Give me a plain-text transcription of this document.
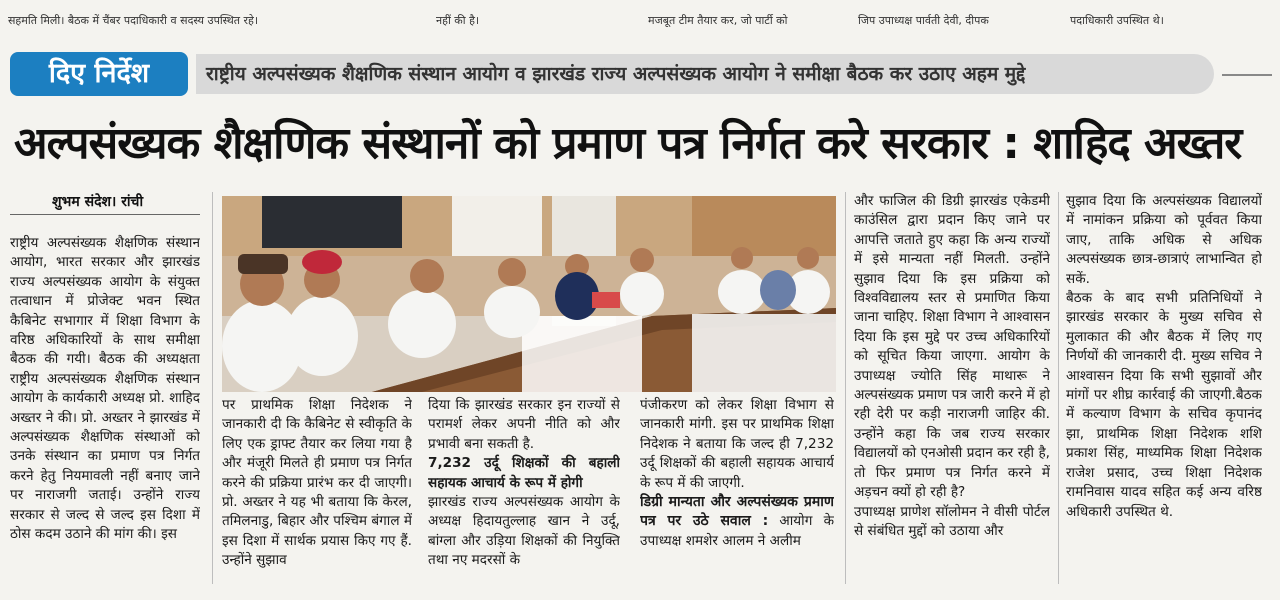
सहमति मिली। बैठक में चैंबर पदाधिकारी व सदस्य उपस्थित रहे।	नहीं की है।	मजबूत टीम तैयार कर, जो पार्टी को	जिप उपाध्यक्ष पार्वती देवी, दीपक	पदाधिकारी उपस्थित थे।
दिए निर्देश	राष्ट्रीय अल्पसंख्यक शैक्षणिक संस्थान आयोग व झारखंड राज्य अल्पसंख्यक आयोग ने समीक्षा बैठक कर उठाए अहम मुद्दे
अल्पसंख्यक शैक्षणिक संस्थानों को प्रमाण पत्र निर्गत करे सरकार : शाहिद अख्तर
शुभम संदेश। रांची

राष्ट्रीय अल्पसंख्यक शैक्षणिक संस्थान आयोग, भारत सरकार और झारखंड राज्य अल्पसंख्यक आयोग के संयुक्त तत्वाधान में प्रोजेक्ट भवन स्थित कैबिनेट सभागार में शिक्षा विभाग के वरिष्ठ अधिकारियों के साथ समीक्षा बैठक की गयी। बैठक की अध्यक्षता राष्ट्रीय अल्पसंख्यक शैक्षणिक संस्थान आयोग के कार्यकारी अध्यक्ष प्रो. शाहिद अख्तर ने की। प्रो. अख्तर ने झारखंड में अल्पसंख्यक शैक्षणिक संस्थाओं को उनके संस्थान का प्रमाण पत्र निर्गत करने हेतु नियमावली नहीं बनाए जाने पर नाराजगी जताई। उन्होंने राज्य सरकार से जल्द से जल्द इस दिशा में ठोस कदम उठाने की मांग की। इस

पर प्राथमिक शिक्षा निदेशक ने जानकारी दी कि कैबिनेट से स्वीकृति के लिए एक ड्राफ्ट तैयार कर लिया गया है और मंजूरी मिलते ही प्रमाण पत्र निर्गत करने की प्रक्रिया प्रारंभ कर दी जाएगी।प्रो. अख्तर ने यह भी बताया कि केरल, तमिलनाडु, बिहार और पश्चिम बंगाल में इस दिशा में सार्थक प्रयास किए गए हैं. उन्होंने सुझाव

दिया कि झारखंड सरकार इन राज्यों से परामर्श लेकर अपनी नीति को और प्रभावी बना सकती है.

7,232 उर्दू शिक्षकों की बहाली सहायक आचार्य के रूप में होगी

झारखंड राज्य अल्पसंख्यक आयोग के अध्यक्ष हिदायतुल्लाह खान ने उर्दू, बांग्ला और उड़िया शिक्षकों की नियुक्ति तथा नए मदरसों के

पंजीकरण को लेकर शिक्षा विभाग से जानकारी मांगी. इस पर प्राथमिक शिक्षा निदेशक ने बताया कि जल्द ही 7,232 उर्दू शिक्षकों की बहाली सहायक आचार्य के रूप में की जाएगी.

डिग्री मान्यता और अल्पसंख्यक प्रमाण पत्र पर उठे सवाल : आयोग के उपाध्यक्ष शमशेर आलम ने अलीम

और फाजिल की डिग्री झारखंड एकेडमी काउंसिल द्वारा प्रदान किए जाने पर आपत्ति जताते हुए कहा कि अन्य राज्यों में इसे मान्यता नहीं मिलती. उन्होंने सुझाव दिया कि इस प्रक्रिया को विश्वविद्यालय स्तर से प्रमाणित किया जाना चाहिए. शिक्षा विभाग ने आश्वासन दिया कि इस मुद्दे पर उच्च अधिकारियों को सूचित किया जाएगा. आयोग के उपाध्यक्ष ज्योति सिंह माथारू ने अल्पसंख्यक प्रमाण पत्र जारी करने में हो रही देरी पर कड़ी नाराजगी जाहिर की. उन्होंने कहा कि जब राज्य सरकार विद्यालयों को एनओसी प्रदान कर रही है, तो फिर प्रमाण पत्र निर्गत करने में अड़चन क्यों हो रही है?

उपाध्यक्ष प्राणेश सॉलोमन ने वीसी पोर्टल से संबंधित मुद्दों को उठाया और

सुझाव दिया कि अल्पसंख्यक विद्यालयों में नामांकन प्रक्रिया को पूर्ववत किया जाए, ताकि अधिक से अधिक अल्पसंख्यक छात्र-छात्राएं लाभान्वित हो सकें.

बैठक के बाद सभी प्रतिनिधियों ने झारखंड सरकार के मुख्य सचिव से मुलाकात की और बैठक में लिए गए निर्णयों की जानकारी दी. मुख्य सचिव ने आश्वासन दिया कि सभी सुझावों और मांगों पर शीघ्र कार्रवाई की जाएगी.बैठक में कल्याण विभाग के सचिव कृपानंद झा, प्राथमिक शिक्षा निदेशक शशि प्रकाश सिंह, माध्यमिक शिक्षा निदेशक राजेश प्रसाद, उच्च शिक्षा निदेशक रामनिवास यादव सहित कई अन्य वरिष्ठ अधिकारी उपस्थित थे.
